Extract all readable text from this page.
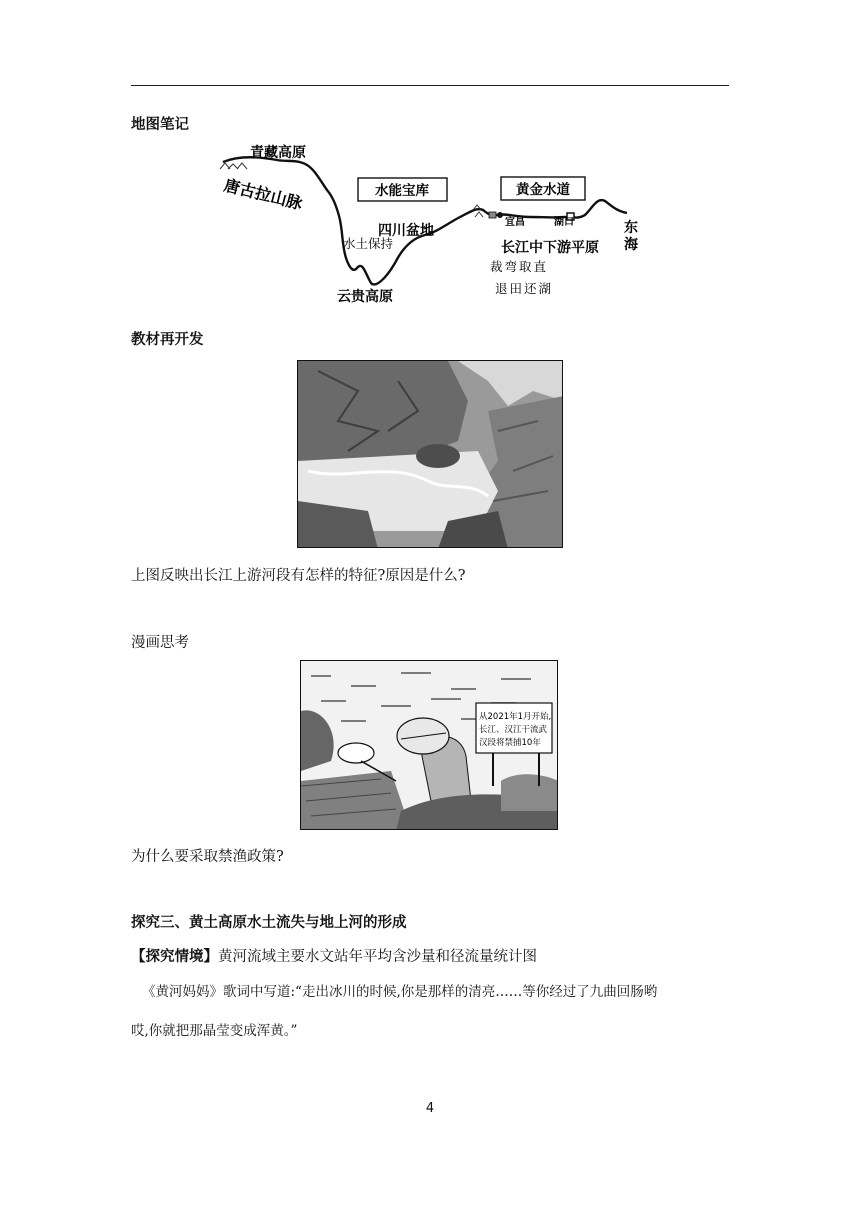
地图笔记
青藏高原
唐古拉山脉	水能宝库	黄金水道
四川盆地
水土保持
宜昌	湖口
长江中下游平原
东
海
裁弯取直
退田还湖
云贵高原
教材再开发
上图反映出长江上游河段有怎样的特征?原因是什么?
漫画思考
从2021年1月开始,
长江、汉江干流武
汉段将禁捕10年
为什么要采取禁渔政策?
探究三、黄土高原水土流失与地上河的形成
【探究情境】黄河流域主要水文站年平均含沙量和径流量统计图
《黄河妈妈》歌词中写道:“走出冰川的时候,你是那样的清亮……等你经过了九曲回肠哟
哎,你就把那晶莹变成浑黄。”
4
